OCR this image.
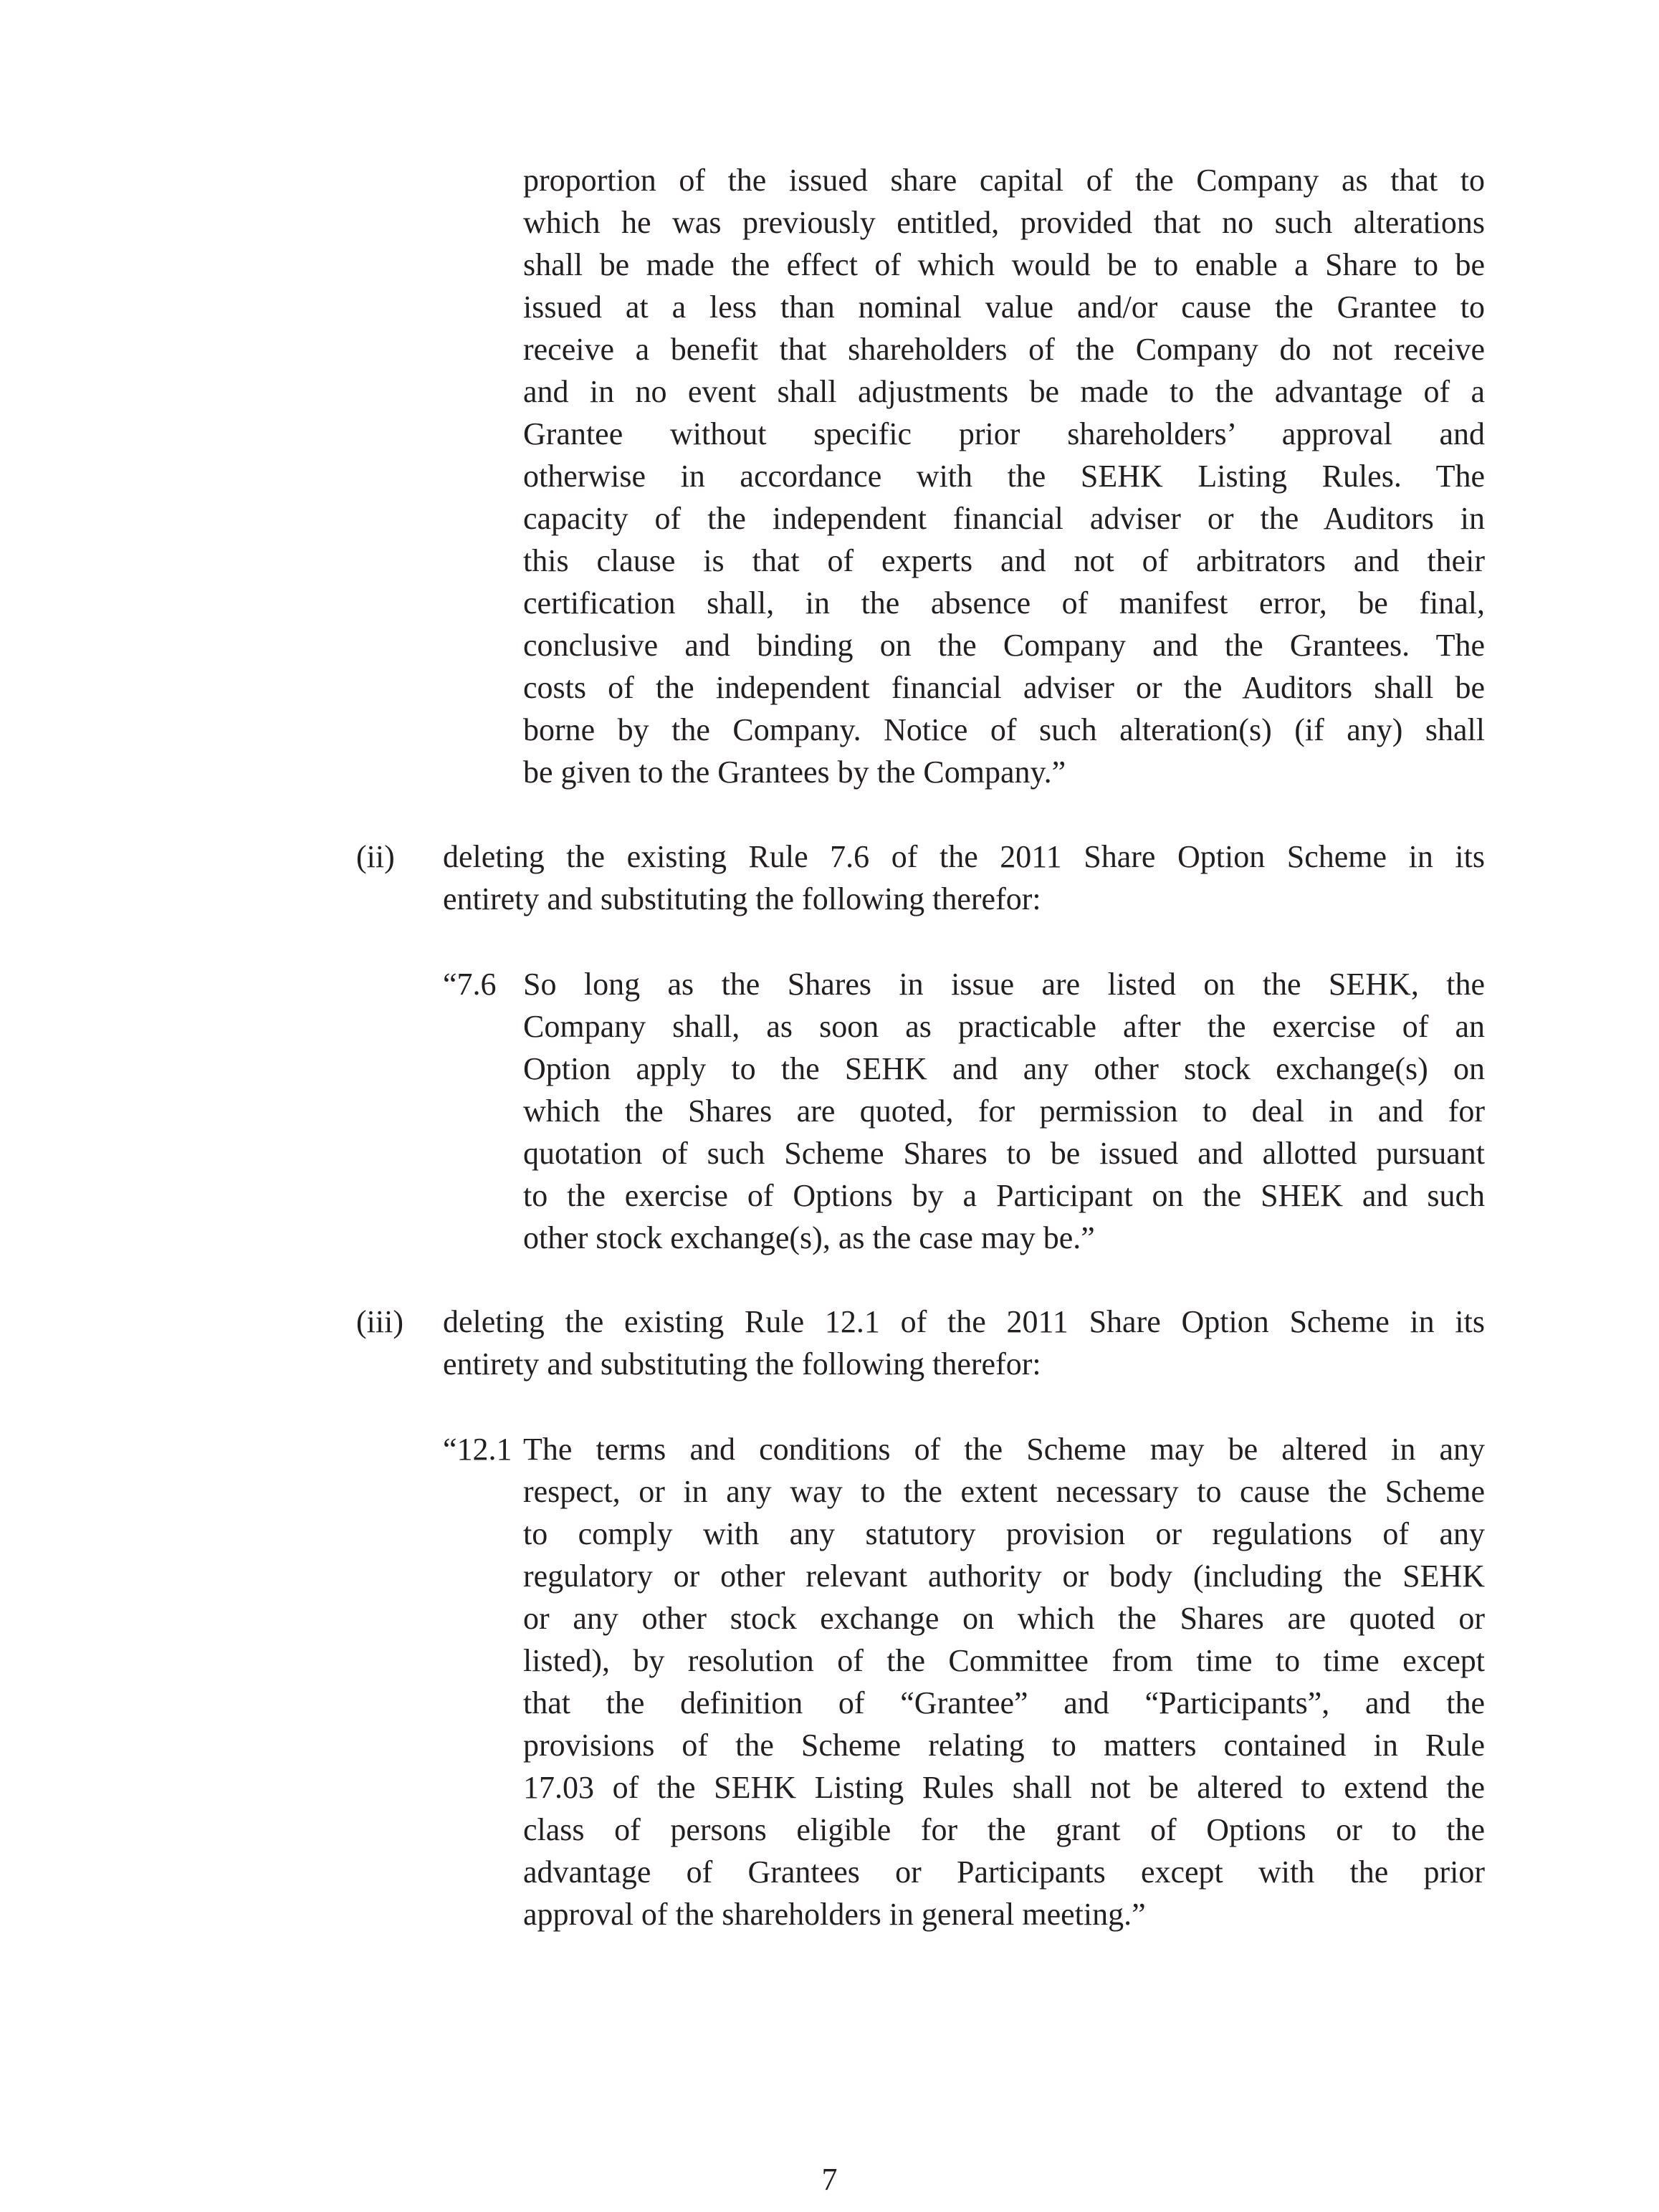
proportion of the issued share capital of the Company as that to
which he was previously entitled, provided that no such alterations
shall be made the effect of which would be to enable a Share to be
issued at a less than nominal value and/or cause the Grantee to
receive a benefit that shareholders of the Company do not receive
and in no event shall adjustments be made to the advantage of a
Grantee without specific prior shareholders’ approval and
otherwise in accordance with the SEHK Listing Rules. The
capacity of the independent financial adviser or the Auditors in
this clause is that of experts and not of arbitrators and their
certification shall, in the absence of manifest error, be final,
conclusive and binding on the Company and the Grantees. The
costs of the independent financial adviser or the Auditors shall be
borne by the Company. Notice of such alteration(s) (if any) shall
be given to the Grantees by the Company.”
(ii) deleting the existing Rule 7.6 of the 2011 Share Option Scheme in its
entirety and substituting the following therefor:
“7.6 So long as the Shares in issue are listed on the SEHK, the
Company shall, as soon as practicable after the exercise of an
Option apply to the SEHK and any other stock exchange(s) on
which the Shares are quoted, for permission to deal in and for
quotation of such Scheme Shares to be issued and allotted pursuant
to the exercise of Options by a Participant on the SHEK and such
other stock exchange(s), as the case may be.”
(iii) deleting the existing Rule 12.1 of the 2011 Share Option Scheme in its
entirety and substituting the following therefor:
“12.1 The terms and conditions of the Scheme may be altered in any
respect, or in any way to the extent necessary to cause the Scheme
to comply with any statutory provision or regulations of any
regulatory or other relevant authority or body (including the SEHK
or any other stock exchange on which the Shares are quoted or
listed), by resolution of the Committee from time to time except
that the definition of “Grantee” and “Participants”, and the
provisions of the Scheme relating to matters contained in Rule
17.03 of the SEHK Listing Rules shall not be altered to extend the
class of persons eligible for the grant of Options or to the
advantage of Grantees or Participants except with the prior
approval of the shareholders in general meeting.”
7
